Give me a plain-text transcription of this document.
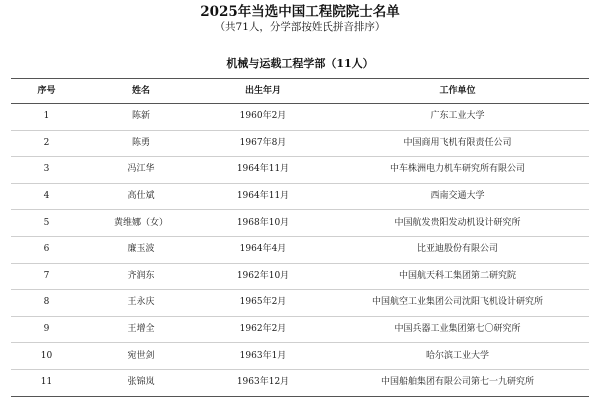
2025年当选中国工程院院士名单
（共71人，分学部按姓氏拼音排序）
机械与运载工程学部（11人）
序号	姓名	出生年月	工作单位
1	陈新	1960年2月	广东工业大学
2	陈勇	1967年8月	中国商用飞机有限责任公司
3	冯江华	1964年11月	中车株洲电力机车研究所有限公司
4	高仕斌	1964年11月	西南交通大学
5	黄维娜（女）	1968年10月	中国航发贵阳发动机设计研究所
6	廉玉波	1964年4月	比亚迪股份有限公司
7	齐润东	1962年10月	中国航天科工集团第二研究院
8	王永庆	1965年2月	中国航空工业集团公司沈阳飞机设计研究所
9	王增全	1962年2月	中国兵器工业集团第七〇研究所
10	宛世剑	1963年1月	哈尔滨工业大学
11	张锦岚	1963年12月	中国船舶集团有限公司第七一九研究所
